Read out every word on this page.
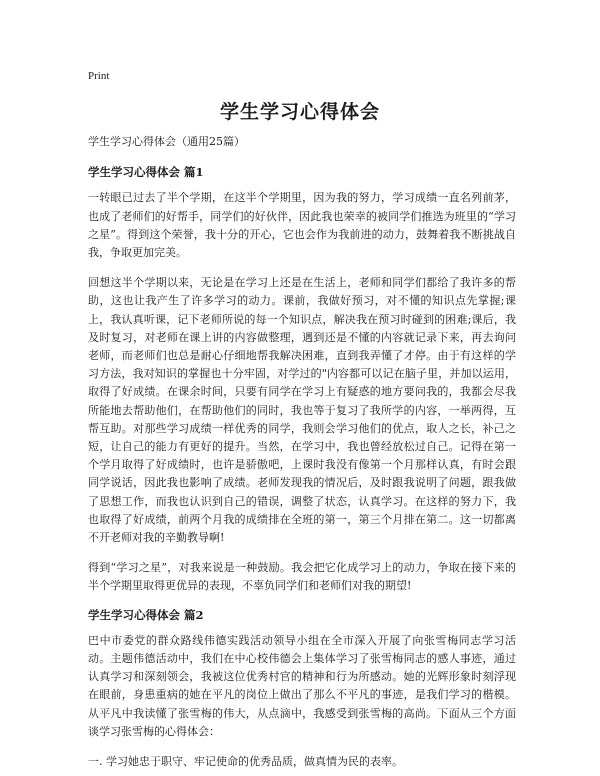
Print
学生学习心得体会
学生学习心得体会（通用25篇）
学生学习心得体会 篇1

一转眼已过去了半个学期，在这半个学期里，因为我的努力，学习成绩一直名列前茅，也成了老师们的好帮手，同学们的好伙伴，因此我也荣幸的被同学们推选为班里的“学习之星”。得到这个荣誉，我十分的开心，它也会作为我前进的动力，鼓舞着我不断挑战自我，争取更加完美。

回想这半个学期以来，无论是在学习上还是在生活上，老师和同学们都给了我许多的帮助，这也让我产生了许多学习的动力。课前，我做好预习，对不懂的知识点先掌握;课上，我认真听课，记下老师所说的每一个知识点，解决我在预习时碰到的困难;课后，我及时复习，对老师在课上讲的内容做整理，遇到还是不懂的内容就记录下来，再去询问老师，而老师们也总是耐心仔细地帮我解决困难，直到我弄懂了才停。由于有这样的学习方法，我对知识的掌握也十分牢固，对学过的"内容都可以记在脑子里，并加以运用，取得了好成绩。在课余时间，只要有同学在学习上有疑惑的地方要问我的，我都会尽我所能地去帮助他们，在帮助他们的同时，我也等于复习了我所学的内容，一举两得，互帮互助。对那些学习成绩一样优秀的同学，我则会学习他们的优点，取人之长，补己之短，让自己的能力有更好的提升。当然，在学习中，我也曾经放松过自己。记得在第一个学月取得了好成绩时，也许是骄傲吧，上课时我没有像第一个月那样认真，有时会跟同学说话，因此我也影响了成绩。老师发现我的情况后，及时跟我说明了问题，跟我做了思想工作，而我也认识到自己的错误，调整了状态，认真学习。在这样的努力下，我也取得了好成绩，前两个月我的成绩排在全班的第一，第三个月排在第二。这一切都离不开老师对我的辛勤教导啊!

得到“学习之星”，对我来说是一种鼓励。我会把它化成学习上的动力，争取在接下来的半个学期里取得更优异的表现，不辜负同学们和老师们对我的期望!

学生学习心得体会 篇2

巴中市委党的群众路线伟德实践活动领导小组在全市深入开展了向张雪梅同志学习活动。主题伟德活动中，我们在中心校伟德会上集体学习了张雪梅同志的感人事迹，通过认真学习和深刻领会，我被这位优秀村官的精神和行为所感动。她的光辉形象时刻浮现在眼前，身患重病的她在平凡的岗位上做出了那么不平凡的事迹，是我们学习的楷模。从平凡中我读懂了张雪梅的伟大，从点滴中，我感受到张雪梅的高尚。下面从三个方面谈学习张雪梅的心得体会：

一. 学习她忠于职守、牢记使命的优秀品质，做真情为民的表率。
